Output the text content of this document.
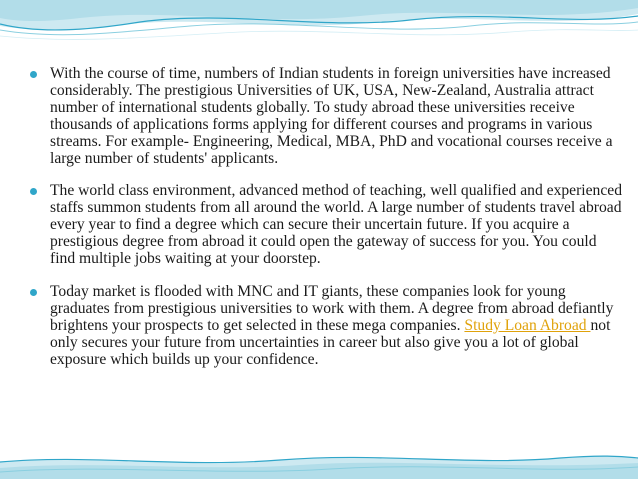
With the course of time, numbers of Indian students in foreign universities have increased considerably. The prestigious Universities of UK, USA, New-Zealand, Australia attract number of international students globally. To study abroad these universities receive thousands of applications forms applying for different courses and programs in various streams. For example- Engineering, Medical, MBA, PhD and vocational courses receive a large number of students' applicants.
The world class environment, advanced method of teaching, well qualified and experienced staffs summon students from all around the world. A large number of students travel abroad every year to find a degree which can secure their uncertain future. If you acquire a prestigious degree from abroad it could open the gateway of success for you. You could find multiple jobs waiting at your doorstep.
Today market is flooded with MNC and IT giants, these companies look for young graduates from prestigious universities to work with them. A degree from abroad defiantly brightens your prospects to get selected in these mega companies. Study Loan Abroad not only secures your future from uncertainties in career but also give you a lot of global exposure which builds up your confidence.
